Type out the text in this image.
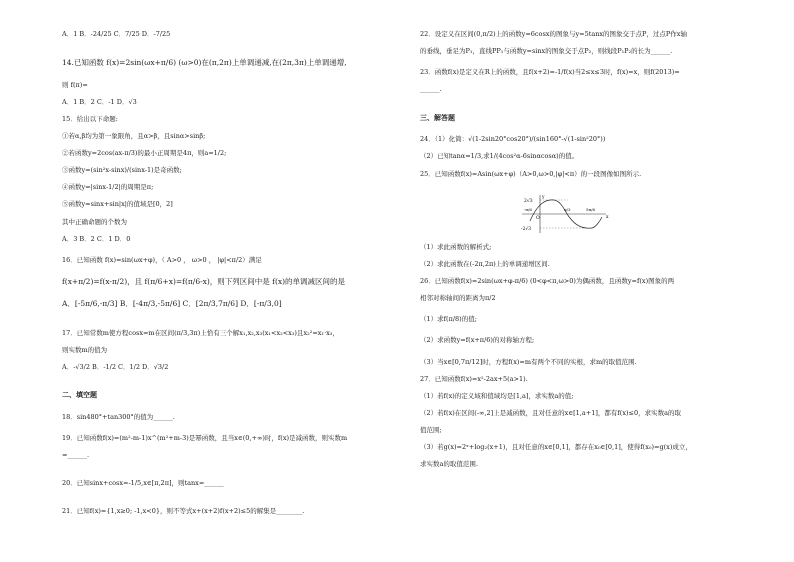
A．1 B．-24/25 C．7/25 D．-7/25
14.已知函数 f(x)=2sin(ωx+π/6) (ω>0)在(π,2π)上单调递减,在(2π,3π)上单调递增,
则 f(π)=
A．1 B．2 C．-1 D．√3
15．给出以下命题:
①若α,β均为第一象限角，且α>β，且sinα>sinβ;
②若函数y=2cos(ax-π/3)的最小正周期是4π，则a=1/2;
③函数y=(sin²x-sinx)/(sinx-1)是奇函数;
④函数y=|sinx-1/2|的周期是π;
⑤函数y=sinx+sin|x|的值域是[0，2]
其中正确命题的个数为
A．3 B．2 C．1 D．0
16．已知函数 f(x)=sin(ωx+φ)，（ A>0 ， ω>0 ， |φ|<π/2）满足
f(x+π/2)=f(x-π/2)，且 f(π/6+x)=f(π/6-x)，则下列区间中是 f(x)的单调减区间的是
A．[-5π/6,-π/3] B．[-4π/3,-5π/6] C．[2π/3,7π/6] D．[-π/3,0]
17．已知常数m使方程cosx=m在区间(π/3,3π)上恰有三个解x₁,x₂,x₃(x₁<x₂<x₃)且x₂²=x₁·x₃，
则实数m的值为
A．-√3/2 B．-1/2 C．1/2 D．√3/2
二、填空题
18．sin480°+tan300°的值为______.
19．已知函数f(x)=(m²-m-1)x^(m²+m-3)是幂函数，且当x∈(0,+∞)时，f(x)是减函数，则实数m
=______.
20．已知sinx+cosx=-1/5,x∈[π,2π]，则tanx=______
21．已知f(x)={1,x≥0; -1,x<0}，则不等式x+(x+2)f(x+2)≤5的解集是________.
22．设定义在区间(0,π/2)上的函数y=6cosx的图象与y=5tanx的图象交于点P，过点P作x轴
的垂线，垂足为P₁，直线PP₁与函数y=sinx的图象交于点P₂，则线段P₁P₂的长为______.
23．函数f(x)是定义在R上的函数，且f(x+2)=-1/f(x)当2≤x≤3时，f(x)=x，则f(2013)=
______.
三、解答题
24．（1）化简：√(1-2sin20°cos20°)/(sin160°-√(1-sin²20°))
（2）已知tanα=1/3,求1/(4cos²α-6sinαcosα)的值。
25．已知函数f(x)=Asin(ωx+φ)（A>0,ω>0,|φ|<π）的一段图像如图所示.
2√3
-2√3
O
-π/6	π/3	5π/6
x
y
（1）求此函数的解析式;
（2）求此函数在(-2π,2π)上的单调递增区间.
26．已知函数f(x)=2sin(ωx+φ-π/6) (0<φ<π,ω>0)为偶函数，且函数y=f(x)图象的两
相邻对称轴间的距离为π/2
（1）求f(π/8)的值;
（2）求函数y=f(x+π/6)的对称轴方程;
（3）当x∈[0,7π/12]时，方程f(x)=m有两个不同的实根，求m的取值范围.
27．已知函数f(x)=x²-2ax+5(a>1).
（1）若f(x)的定义域和值域均是[1,a]，求实数a的值;
（2）若f(x)在区间(-∞,2]上是减函数，且对任意的x∈[1,a+1]，都有f(x)≤0，求实数a的取
值范围;
（3）若g(x)=2ˣ+log₂(x+1)，且对任意的x∈[0,1]，都存在x₀∈[0,1]，使得f(x₀)=g(x)成立，
求实数a的取值范围.
